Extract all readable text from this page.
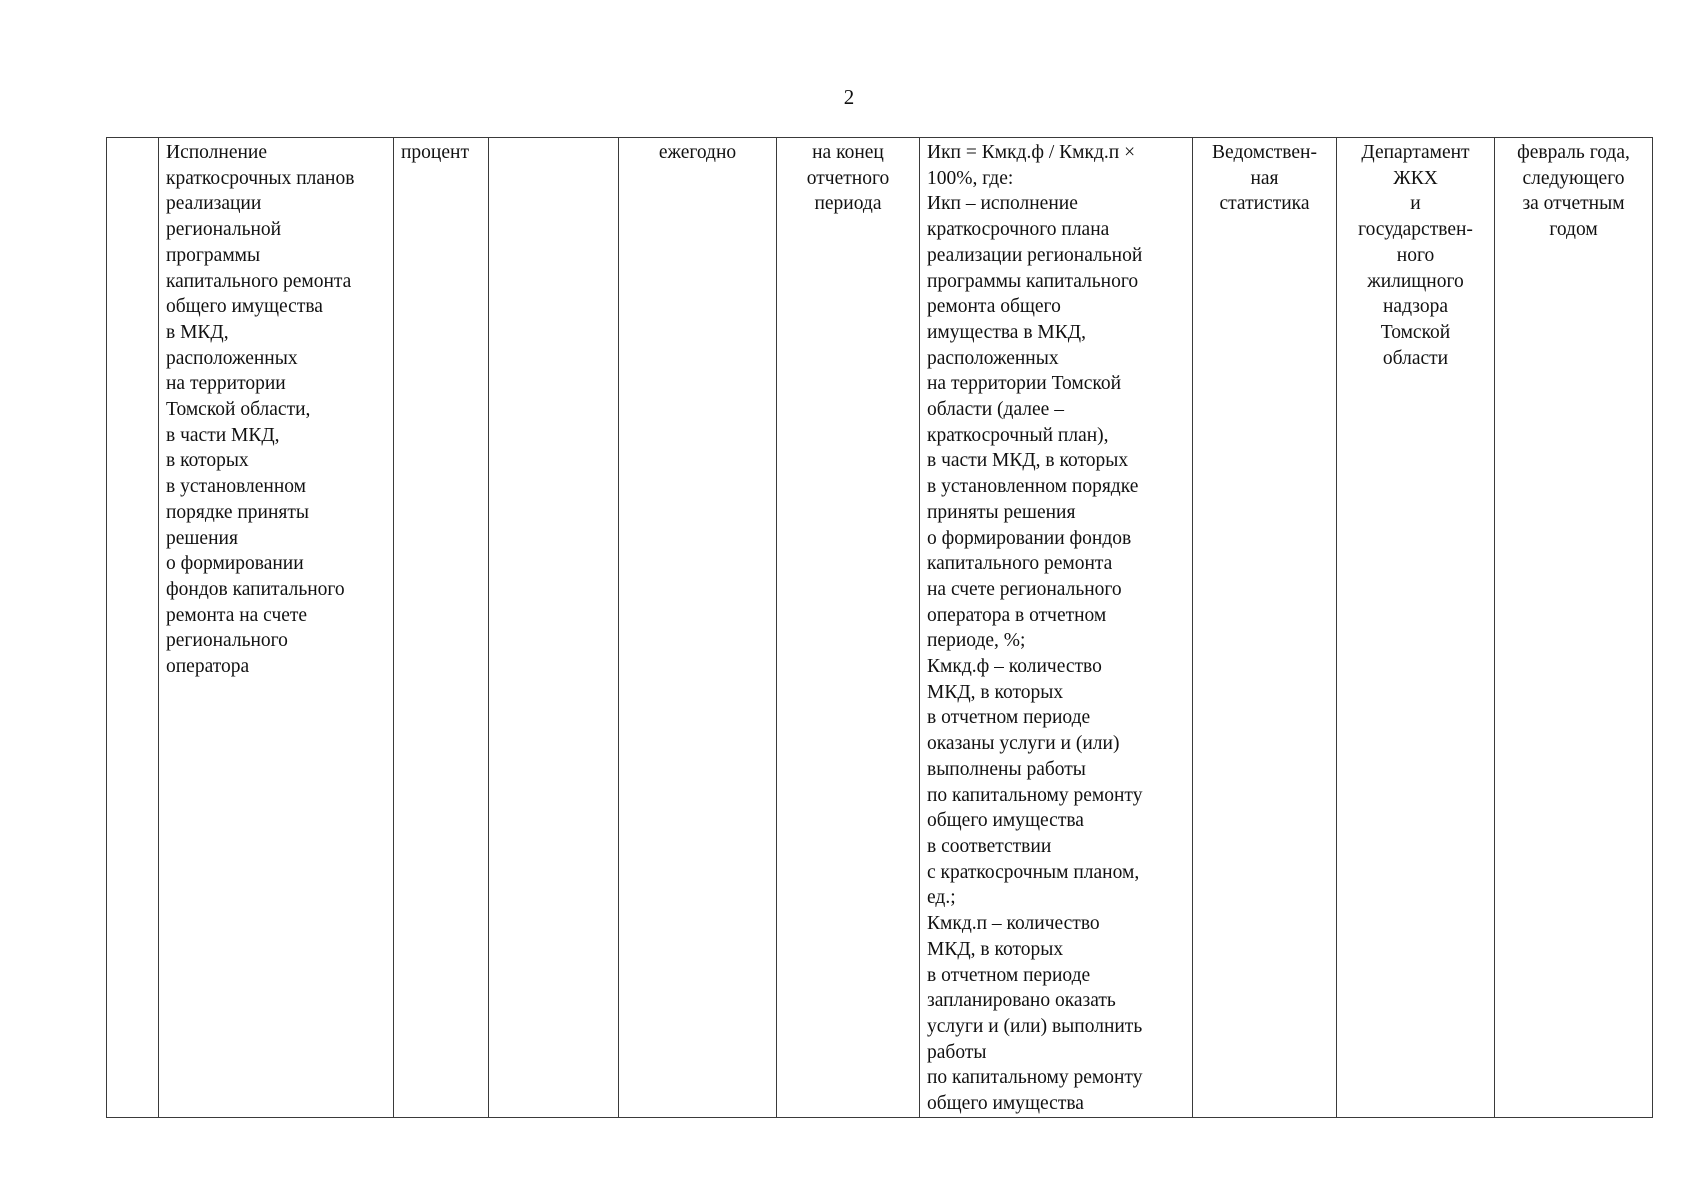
2
	Исполнение
краткосрочных планов
реализации
региональной
программы
капитального ремонта
общего имущества
в МКД,
расположенных
на территории
Томской области,
в части МКД,
в которых
в установленном
порядке приняты
решения
о формировании
фондов капитального
ремонта на счете
регионального
оператора	процент		ежегодно	на конец
отчетного
периода	Икп = Кмкд.ф / Кмкд.п ×
100%, где:
Икп – исполнение
краткосрочного плана
реализации региональной
программы капитального
ремонта общего
имущества в МКД,
расположенных
на территории Томской
области (далее –
краткосрочный план),
в части МКД, в которых
в установленном порядке
приняты решения
о формировании фондов
капитального ремонта
на счете регионального
оператора в отчетном
периоде, %;
Кмкд.ф – количество
МКД, в которых
в отчетном периоде
оказаны услуги и (или)
выполнены работы
по капитальному ремонту
общего имущества
в соответствии
с краткосрочным планом,
ед.;
Кмкд.п – количество
МКД, в которых
в отчетном периоде
запланировано оказать
услуги и (или) выполнить
работы
по капитальному ремонту
общего имущества	Ведомствен-
ная
статистика	Департамент
ЖКХ
и
государствен-
ного
жилищного
надзора
Томской
области	февраль года,
следующего
за отчетным
годом
